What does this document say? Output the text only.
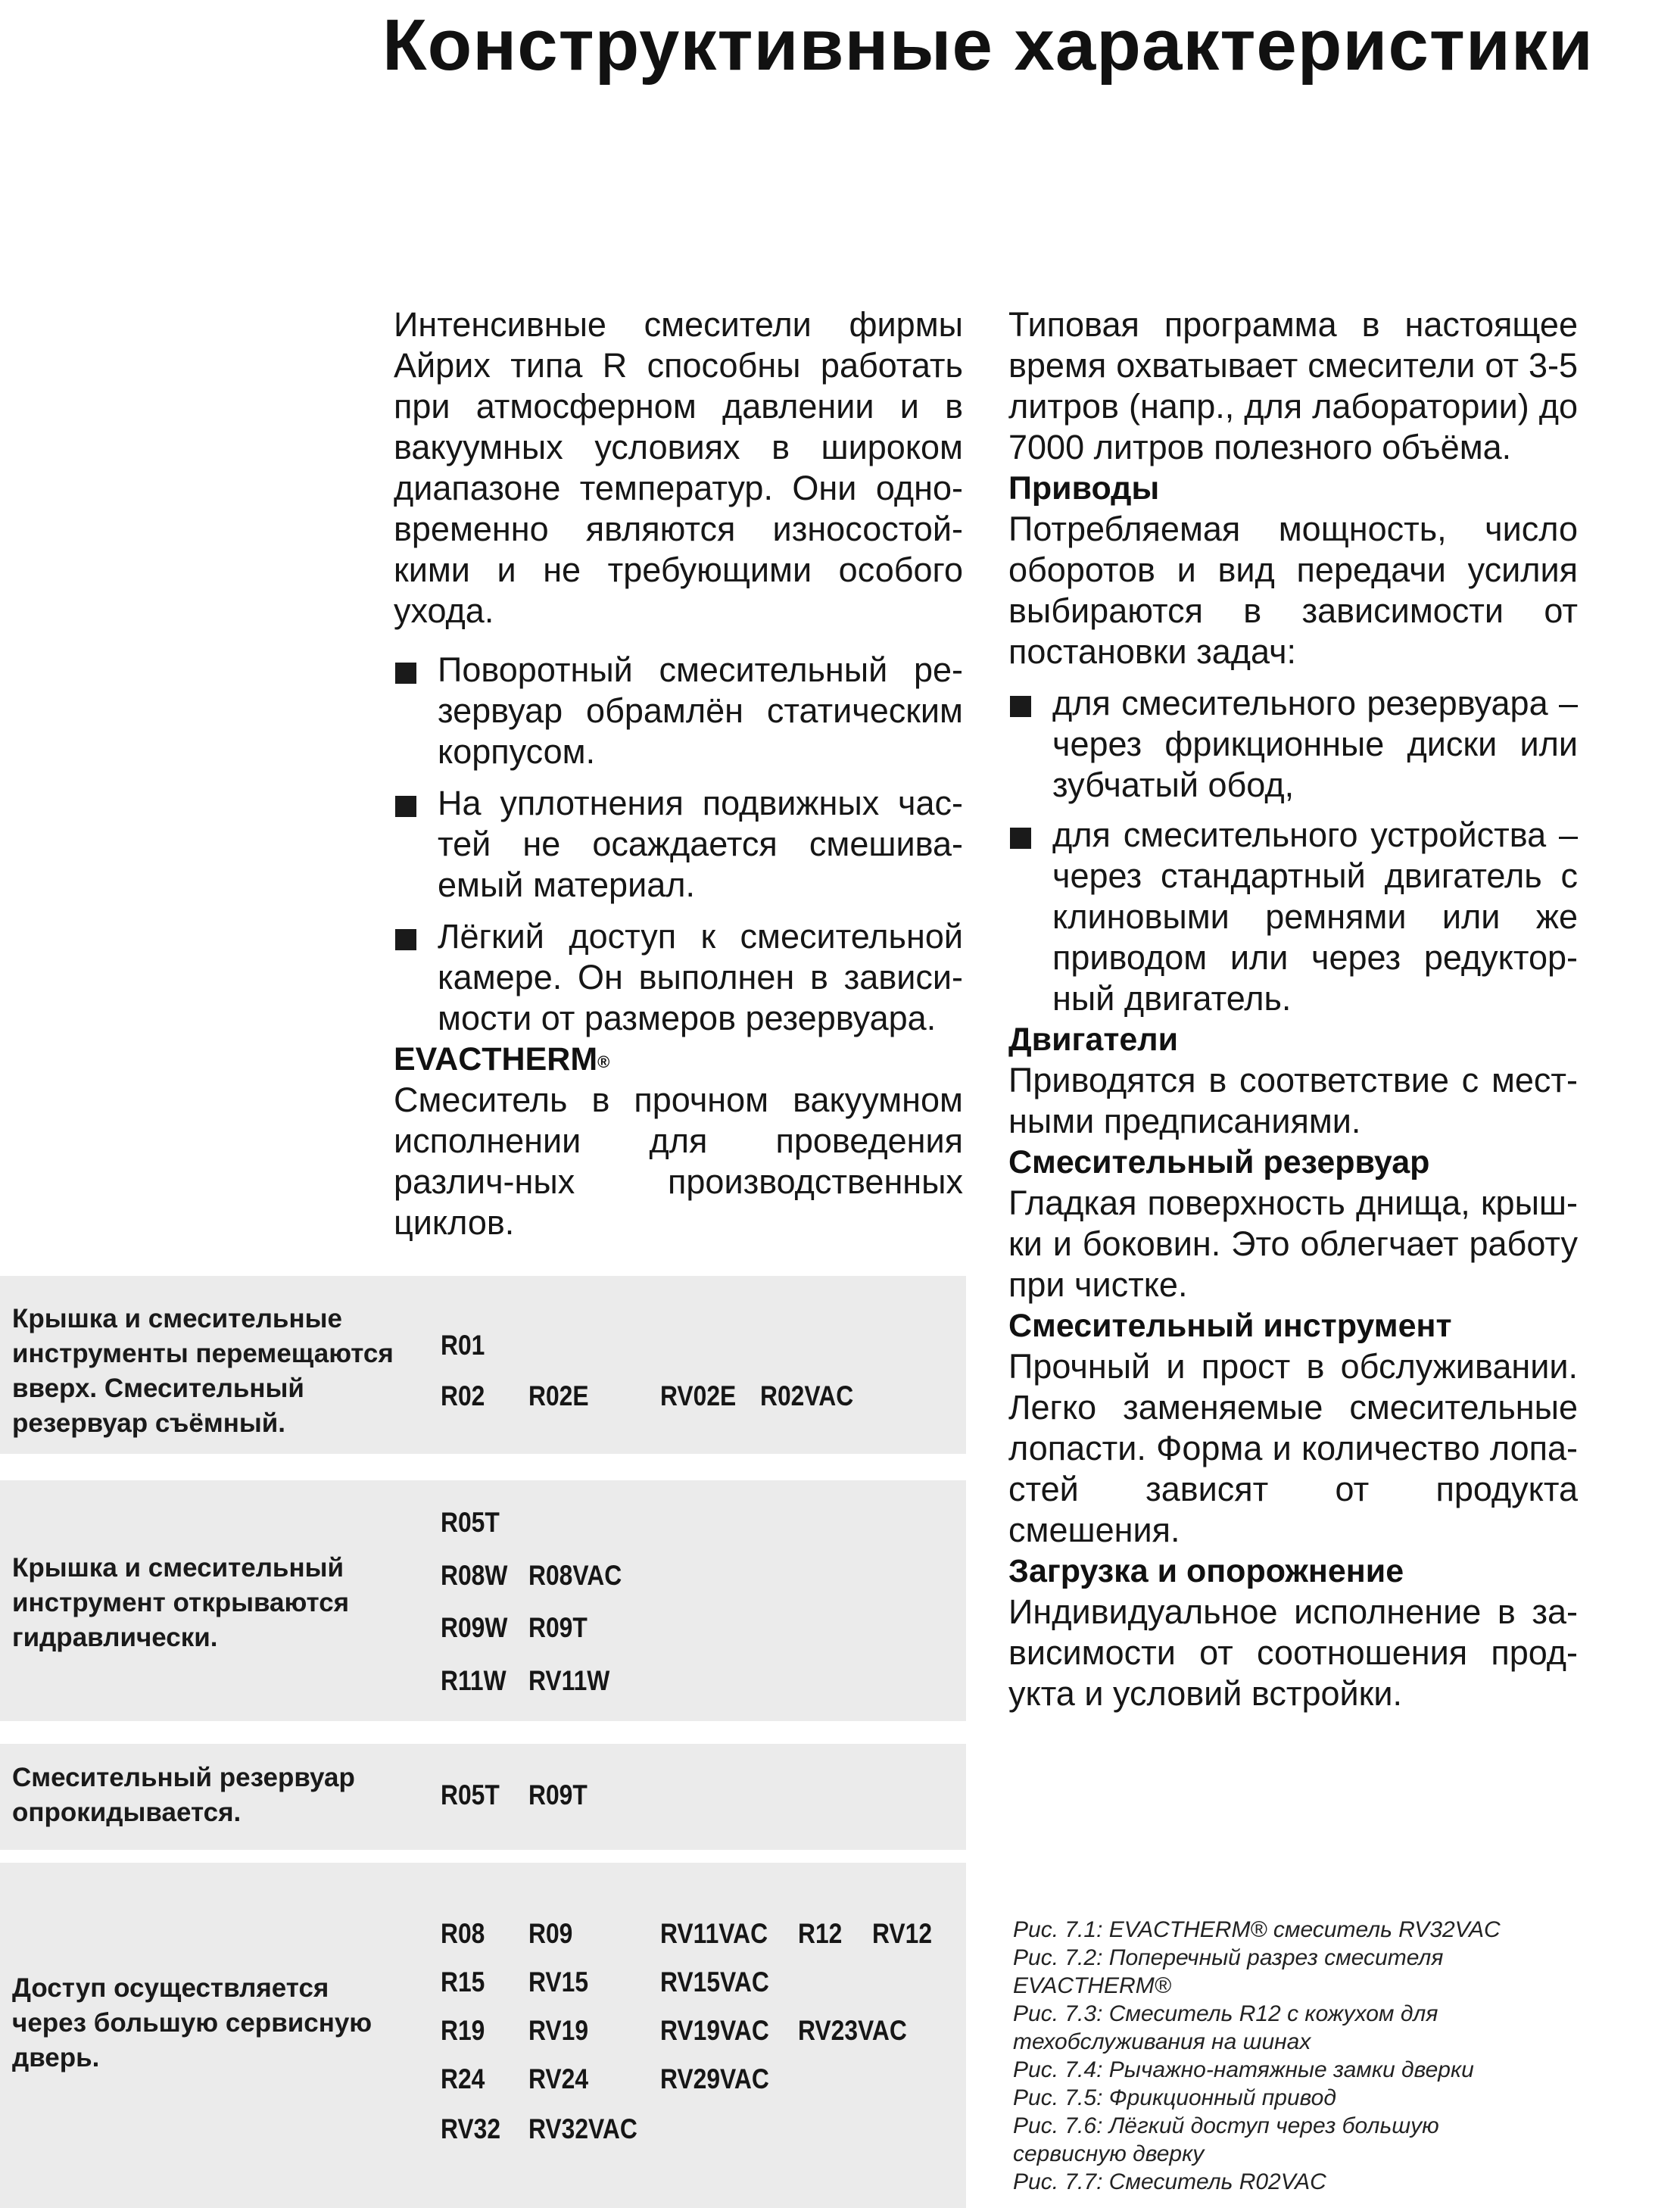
Конструктивные характеристики

Интенсивные смесители фирмы Айрих типа R способны работать при атмосферном давлении и в вакуумных условиях в широком диапазоне температур. Они одно-временно являются износостой-кими и не требующими особого ухода.

Поворотный смесительный ре-зервуар обрамлён статическим корпусом.
На уплотнения подвижных час-тей не осаждается смешива-емый материал.
Лёгкий доступ к смесительной камере. Он выполнен в зависи-мости от размеров резервуара.
EVACTHERM®

Смеситель в прочном вакуумном исполнении для проведения различ-ных производственных циклов.

Типовая программа в настоящее время охватывает смесители от 3-5 литров (напр., для лаборатории) до 7000 литров полезного объёма.

Приводы

Потребляемая мощность, число оборотов и вид передачи усилия выбираются в зависимости от постановки задач:

для смесительного резервуара – через фрикционные диски или зубчатый обод,
для смесительного устройства – через стандартный двигатель с клиновыми ремнями или же приводом или через редуктор-ный двигатель.
Двигатели

Приводятся в соответствие с мест-ными предписаниями.

Смесительный резервуар

Гладкая поверхность днища, крыш-ки и боковин. Это облегчает работу при чистке.

Смесительный инструмент

Прочный и прост в обслуживании. Легко заменяемые смесительные лопасти. Форма и количество лопа-стей зависят от продукта смешения.

Загрузка и опорожнение

Индивидуальное исполнение в за-висимости от соотношения прод-укта и условий встройки.

Крышка и смесительные
инструменты перемещаются
вверх. Смесительный
резервуар съёмный.
R01
R02 R02E	RV02E R02VAC
Крышка и смесительный
инструмент открываются
гидравлически.
R05T
R08W R08VAC
R09W R09T
R11W RV11W
Смесительный резервуар
опрокидывается.
R05T R09T
Доступ осуществляется
через большую сервисную
дверь.
R08 R09	RV11VAC R12 RV12
R15 RV15	RV15VAC
R19 RV19	RV19VAC RV23VAC
R24 RV24	RV29VAC
RV32 RV32VAC
Рис. 7.1: EVACTHERM® смеситель RV32VAC
Рис. 7.2: Поперечный разрез смесителя
EVACTHERM®
Рис. 7.3: Смеситель R12 с кожухом для
техобслуживания на шинах
Рис. 7.4: Рычажно-натяжные замки дверки
Рис. 7.5: Фрикционный привод
Рис. 7.6: Лёгкий доступ через большую
сервисную дверку
Рис. 7.7: Смеситель R02VAC
